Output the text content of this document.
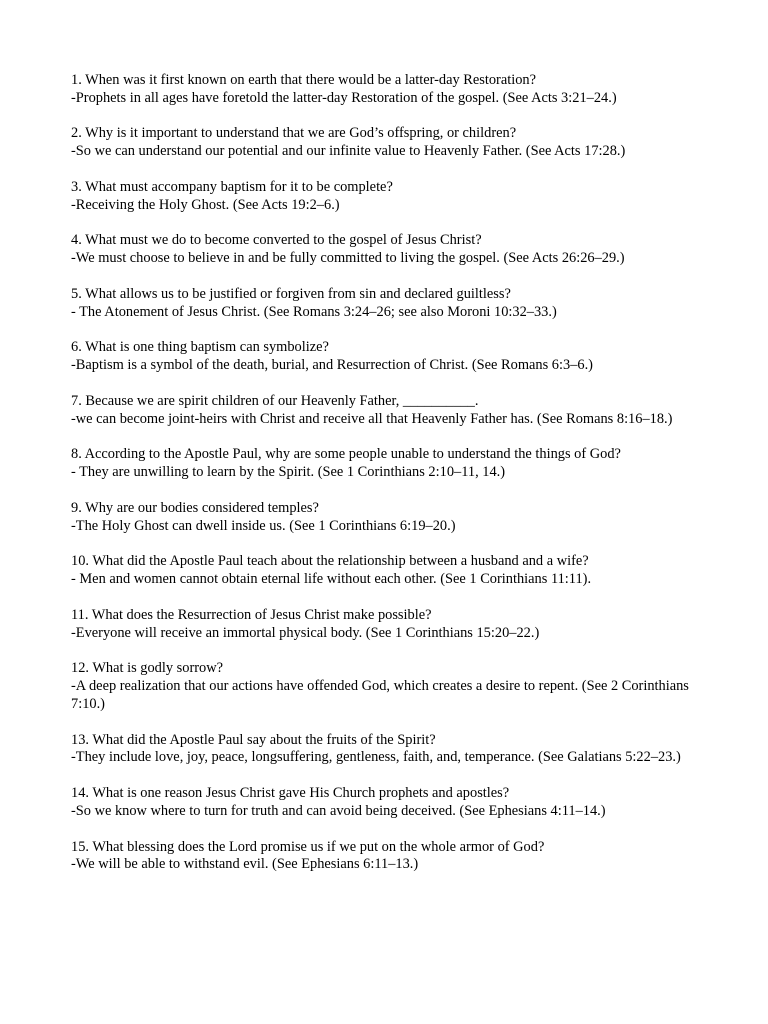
1. When was it first known on earth that there would be a latter-day Restoration?

-Prophets in all ages have foretold the latter-day Restoration of the gospel. (See Acts 3:21–24.)

2. Why is it important to understand that we are God’s offspring, or children?

-So we can understand our potential and our infinite value to Heavenly Father. (See Acts 17:28.)

3. What must accompany baptism for it to be complete?

-Receiving the Holy Ghost. (See Acts 19:2–6.)

4. What must we do to become converted to the gospel of Jesus Christ?

-We must choose to believe in and be fully committed to living the gospel. (See Acts 26:26–29.)

5. What allows us to be justified or forgiven from sin and declared guiltless?

- The Atonement of Jesus Christ. (See Romans 3:24–26; see also Moroni 10:32–33.)

6. What is one thing baptism can symbolize?

-Baptism is a symbol of the death, burial, and Resurrection of Christ. (See Romans 6:3–6.)

7. Because we are spirit children of our Heavenly Father, __________.

-we can become joint-heirs with Christ and receive all that Heavenly Father has. (See Romans 8:16–18.)

8. According to the Apostle Paul, why are some people unable to understand the things of God?

- They are unwilling to learn by the Spirit. (See 1 Corinthians 2:10–11, 14.)

9. Why are our bodies considered temples?

-The Holy Ghost can dwell inside us. (See 1 Corinthians 6:19–20.)

10. What did the Apostle Paul teach about the relationship between a husband and a wife?

- Men and women cannot obtain eternal life without each other. (See 1 Corinthians 11:11).

11. What does the Resurrection of Jesus Christ make possible?

-Everyone will receive an immortal physical body. (See 1 Corinthians 15:20–22.)

12. What is godly sorrow?

-A deep realization that our actions have offended God, which creates a desire to repent. (See 2 Corinthians 7:10.)

13. What did the Apostle Paul say about the fruits of the Spirit?

-They include love, joy, peace, longsuffering, gentleness, faith, and, temperance. (See Galatians 5:22–23.)

14. What is one reason Jesus Christ gave His Church prophets and apostles?

-So we know where to turn for truth and can avoid being deceived. (See Ephesians 4:11–14.)

15. What blessing does the Lord promise us if we put on the whole armor of God?

-We will be able to withstand evil. (See Ephesians 6:11–13.)
